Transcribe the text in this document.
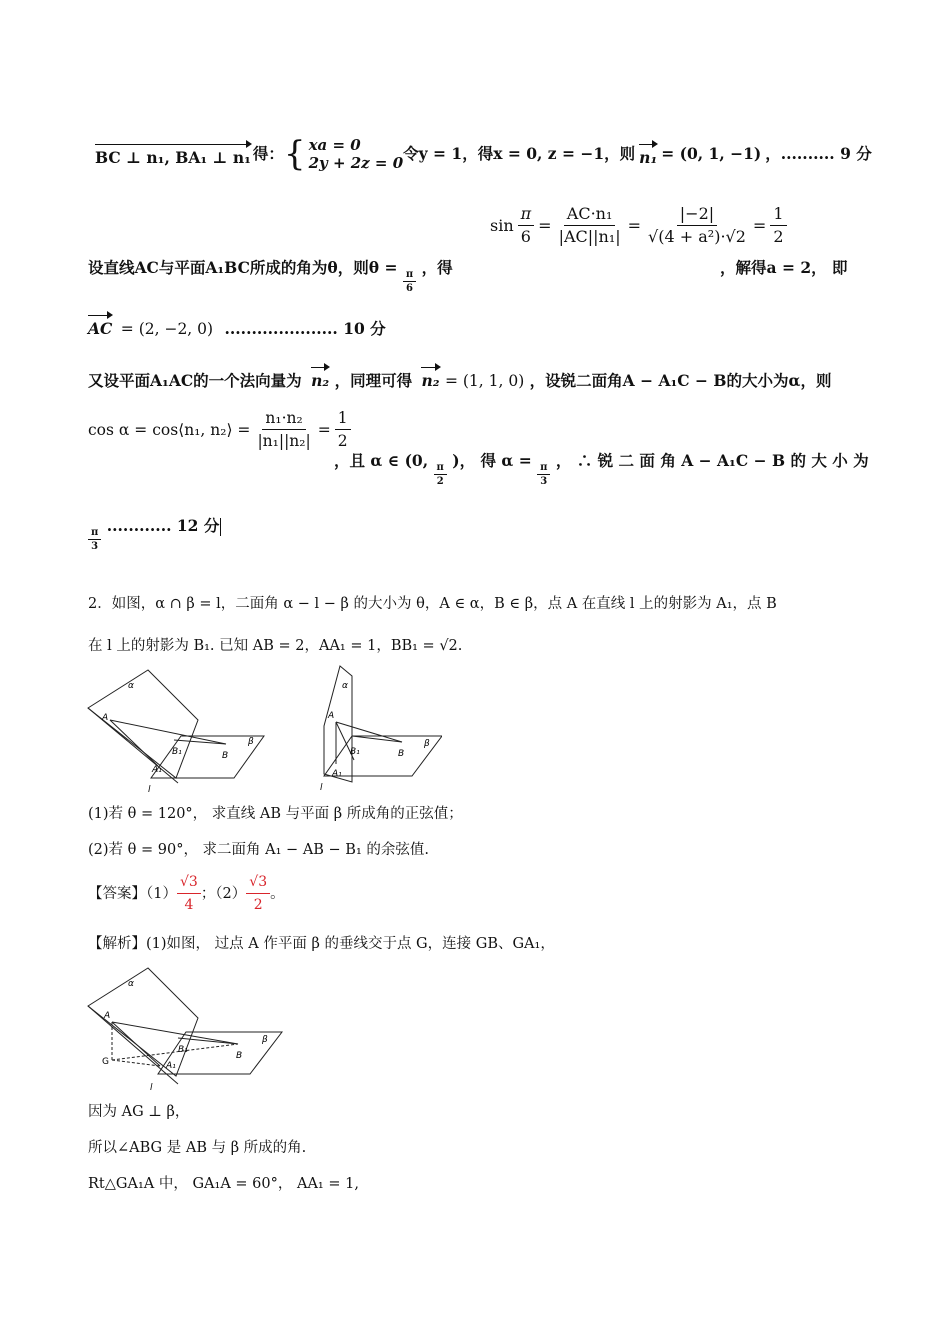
BC ⊥ n₁, BA₁ ⊥ n₁ 得： { xa = 0
2y + 2z = 0 令y = 1，得x = 0, z = −1，则 n₁ = (0, 1, −1) ，.......... 9 分
设直线AC与平面A₁BC所成的角为θ，则θ =
$\frac{\pi}{6}$
，得
$\sin \frac{\pi}{6} = \frac{\text{AC·n₁}}{\text{|AC||n₁|}} = \frac{|-2|}{\text{√(4 + a²)·√2}} = \frac{1}{2}$
，解得a = 2， 即
AC = (2, −2, 0) ..................... 10 分
又设平面A₁AC的一个法向量为 n₂ ，同理可得 n₂ = (1, 1, 0) ，设锐二面角A − A₁C − B的大小为α，则
cos α = cos⟨n₁, n₂⟩ = $\frac{\text{n₁·n₂}}{\text{|n₁||n₂|}} = \frac{1}{2}$
，且 α ∈ (0,
$\frac{\pi}{2}$
)， 得 α =
$\frac{\pi}{3}$
， ∴ 锐 二 面 角 A − A₁C − B 的 大 小 为
$\frac{\pi}{3}$
............ 12 分
2．如图，α ∩ β = l，二面角 α − l − β 的大小为 θ，A ∈ α，B ∈ β，点 A 在直线 l 上的射影为 A₁，点 B
在 l 上的射影为 B₁. 已知 AB = 2，AA₁ = 1，BB₁ = √2.
α
β
A
B
B₁
A₁
l
α
β
A
B
B₁
A₁
l
(1)若 θ = 120°， 求直线 AB 与平面 β 所成角的正弦值；
(2)若 θ = 90°， 求二面角 A₁ − AB − B₁ 的余弦值.
【答案】$(1) \frac{√3}{4}$ ；$(2) \frac{√3}{2}$ 。
【解析】(1)如图， 过点 A 作平面 β 的垂线交于点 G，连接 GB、GA₁，
α
β
A
B
B₁
A₁
G
l
因为 AG ⊥ β，
所以∠ABG 是 AB 与 β 所成的角.
Rt△GA₁A 中， GA₁A = 60°， AA₁ = 1,
